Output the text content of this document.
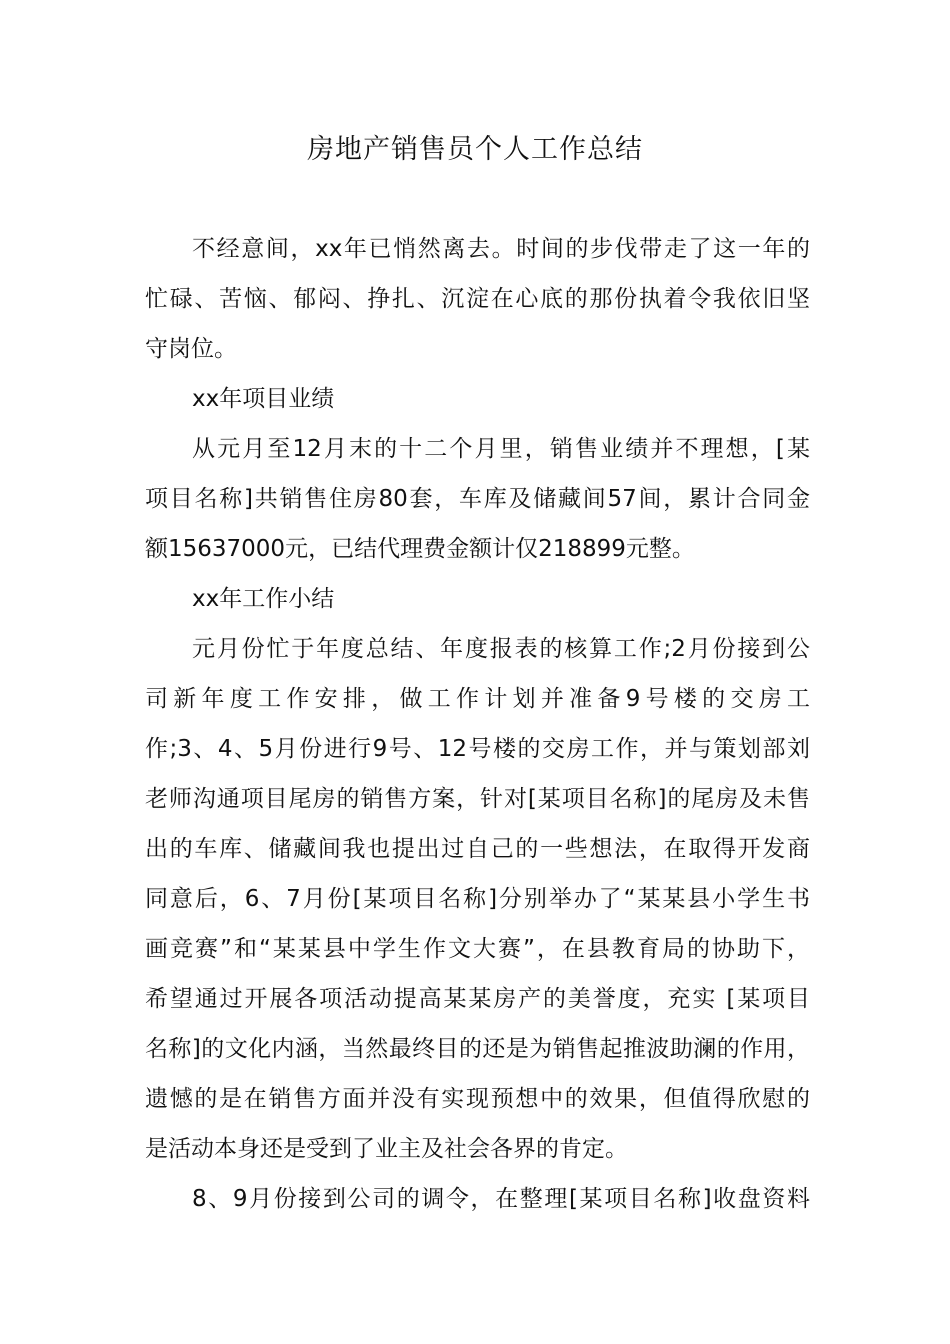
房地产销售员个人工作总结
不经意间，xx年已悄然离去。时间的步伐带走了这一年的
忙碌、苦恼、郁闷、挣扎、沉淀在心底的那份执着令我依旧坚
守岗位。
xx年项目业绩
从元月至12月末的十二个月里，销售业绩并不理想，[某
项目名称]共销售住房80套，车库及储藏间57间，累计合同金
额15637000元，已结代理费金额计仅218899元整。
xx年工作小结
元月份忙于年度总结、年度报表的核算工作;2月份接到公
司新年度工作安排，做工作计划并准备9号楼的交房工
作;3、4、5月份进行9号、12号楼的交房工作，并与策划部刘
老师沟通项目尾房的销售方案，针对[某项目名称]的尾房及未售
出的车库、储藏间我也提出过自己的一些想法，在取得开发商
同意后，6、7月份[某项目名称]分别举办了“某某县小学生书
画竞赛”和“某某县中学生作文大赛”，在县教育局的协助下，
希望通过开展各项活动提高某某房产的美誉度，充实 [某项目
名称]的文化内涵，当然最终目的还是为销售起推波助澜的作用，
遗憾的是在销售方面并没有实现预想中的效果，但值得欣慰的
是活动本身还是受到了业主及社会各界的肯定。
8、9月份接到公司的调令，在整理[某项目名称]收盘资料
